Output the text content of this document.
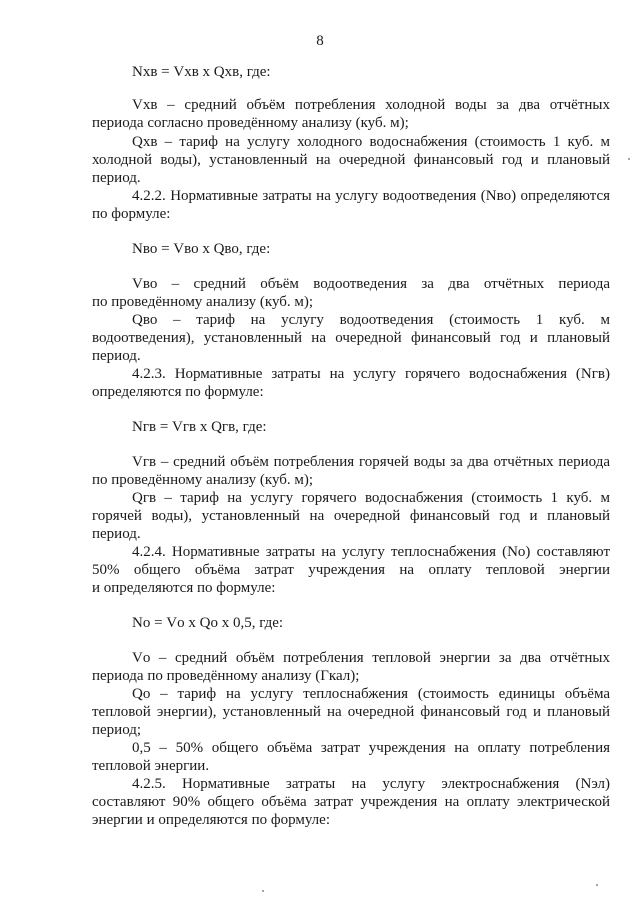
8
Nхв = Vхв x Qхв, где:
Vхв – средний объём потребления холодной воды за два отчётных
периода согласно проведённому анализу (куб. м);
Qхв – тариф на услугу холодного водоснабжения (стоимость 1 куб. м
холодной воды), установленный на очередной финансовый год и плановый
период.
4.2.2. Нормативные затраты на услугу водоотведения (Nво) определяются
по формуле:
Nво = Vво x Qво, где:
Vво – средний объём водоотведения за два отчётных периода
по проведённому анализу (куб. м);
Qво – тариф на услугу водоотведения (стоимость 1 куб. м
водоотведения), установленный на очередной финансовый год и плановый
период.
4.2.3. Нормативные затраты на услугу горячего водоснабжения (Nгв)
определяются по формуле:
Nгв = Vгв x Qгв, где:
Vгв – средний объём потребления горячей воды за два отчётных периода
по проведённому анализу (куб. м);
Qгв – тариф на услугу горячего водоснабжения (стоимость 1 куб. м
горячей воды), установленный на очередной финансовый год и плановый
период.
4.2.4. Нормативные затраты на услугу теплоснабжения (Nо) составляют
50% общего объёма затрат учреждения на оплату тепловой энергии
и определяются по формуле:
Nо = Vо x Qо x 0,5, где:
Vо – средний объём потребления тепловой энергии за два отчётных
периода по проведённому анализу (Гкал);
Qо – тариф на услугу теплоснабжения (стоимость единицы объёма
тепловой энергии), установленный на очередной финансовый год и плановый
период;
0,5 – 50% общего объёма затрат учреждения на оплату потребления
тепловой энергии.
4.2.5. Нормативные затраты на услугу электроснабжения (Nэл)
составляют 90% общего объёма затрат учреждения на оплату электрической
энергии и определяются по формуле:
